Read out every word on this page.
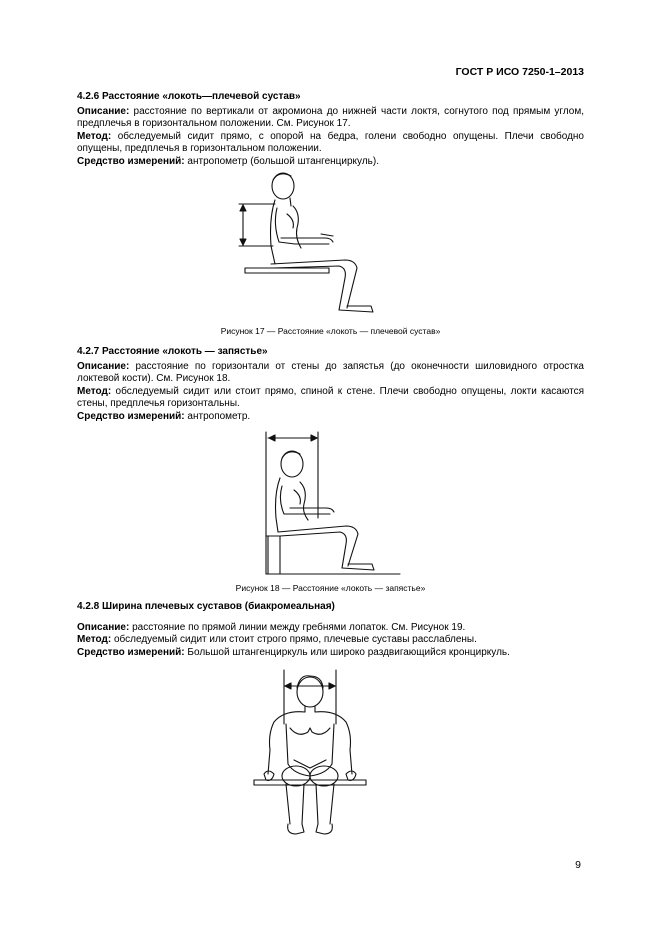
ГОСТ Р ИСО 7250-1–2013
4.2.6 Расстояние «локоть—плечевой сустав»

Описание: расстояние по вертикали от акромиона до нижней части локтя, согнутого под прямым углом, предплечья в горизонтальном положении. См. Рисунок 17.

Метод: обследуемый сидит прямо, с опорой на бедра, голени свободно опущены. Плечи свободно опущены, предплечья в горизонтальном положении.

Средство измерений: антропометр (большой штангенциркуль).

Рисунок 17 — Расстояние «локоть — плечевой сустав»
4.2.7 Расстояние «локоть — запястье»

Описание: расстояние по горизонтали от стены до запястья (до оконечности шиловидного отростка локтевой кости). См. Рисунок 18.

Метод: обследуемый сидит или стоит прямо, спиной к стене. Плечи свободно опущены, локти касаются стены, предплечья горизонтальны.

Средство измерений: антропометр.

Рисунок 18 — Расстояние «локоть — запястье»
4.2.8 Ширина плечевых суставов (биакромеальная)

Описание: расстояние по прямой линии между гребнями лопаток. См. Рисунок 19.

Метод: обследуемый сидит или стоит строго прямо, плечевые суставы расслаблены.

Средство измерений: Большой штангенциркуль или широко раздвигающийся кронциркуль.

9
